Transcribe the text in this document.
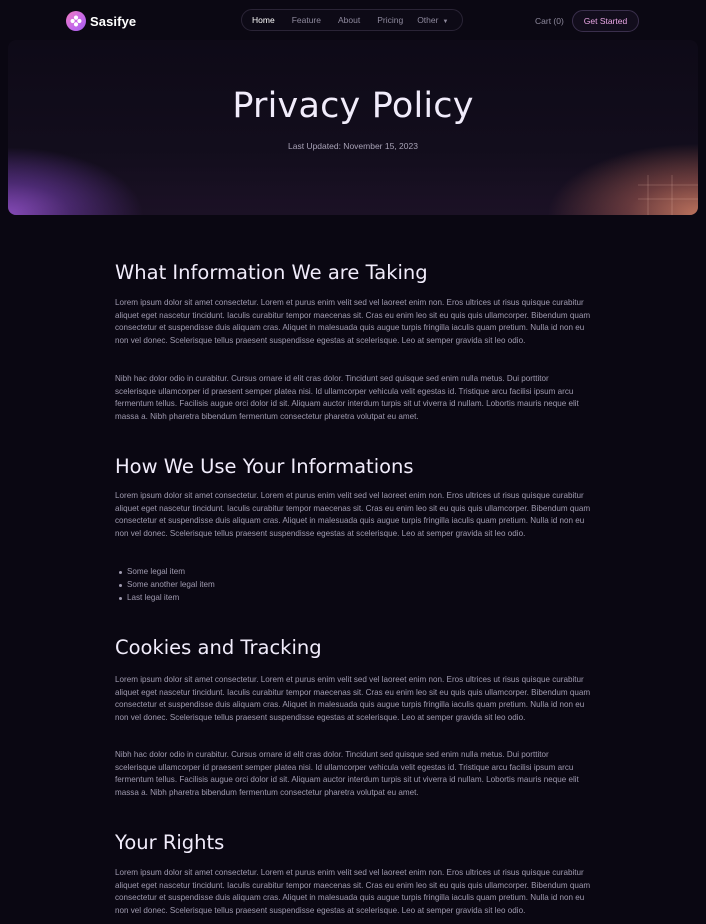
Sasifye	Home Feature About Pricing Other ▼	Cart (0)	Get Started
Privacy Policy
Last Updated: November 15, 2023
What Information We are Taking

Lorem ipsum dolor sit amet consectetur. Lorem et purus enim velit sed vel laoreet enim non. Eros ultrices ut risus quisque curabitur aliquet eget nascetur tincidunt. Iaculis curabitur tempor maecenas sit. Cras eu enim leo sit eu quis quis ullamcorper. Bibendum quam consectetur et suspendisse duis aliquam cras. Aliquet in malesuada quis augue turpis fringilla iaculis quam pretium. Nulla id non eu non vel donec. Scelerisque tellus praesent suspendisse egestas at scelerisque. Leo at semper gravida sit leo odio.

Nibh hac dolor odio in curabitur. Cursus ornare id elit cras dolor. Tincidunt sed quisque sed enim nulla metus. Dui porttitor scelerisque ullamcorper id praesent semper platea nisi. Id ullamcorper vehicula velit egestas id. Tristique arcu facilisi ipsum arcu fermentum tellus. Facilisis augue orci dolor id sit. Aliquam auctor interdum turpis sit ut viverra id nullam. Lobortis mauris neque elit massa a. Nibh pharetra bibendum fermentum consectetur pharetra volutpat eu amet.

How We Use Your Informations

Lorem ipsum dolor sit amet consectetur. Lorem et purus enim velit sed vel laoreet enim non. Eros ultrices ut risus quisque curabitur aliquet eget nascetur tincidunt. Iaculis curabitur tempor maecenas sit. Cras eu enim leo sit eu quis quis ullamcorper. Bibendum quam consectetur et suspendisse duis aliquam cras. Aliquet in malesuada quis augue turpis fringilla iaculis quam pretium. Nulla id non eu non vel donec. Scelerisque tellus praesent suspendisse egestas at scelerisque. Leo at semper gravida sit leo odio.

Some legal item
Some another legal item
Last legal item
Cookies and Tracking

Lorem ipsum dolor sit amet consectetur. Lorem et purus enim velit sed vel laoreet enim non. Eros ultrices ut risus quisque curabitur aliquet eget nascetur tincidunt. Iaculis curabitur tempor maecenas sit. Cras eu enim leo sit eu quis quis ullamcorper. Bibendum quam consectetur et suspendisse duis aliquam cras. Aliquet in malesuada quis augue turpis fringilla iaculis quam pretium. Nulla id non eu non vel donec. Scelerisque tellus praesent suspendisse egestas at scelerisque. Leo at semper gravida sit leo odio.

Nibh hac dolor odio in curabitur. Cursus ornare id elit cras dolor. Tincidunt sed quisque sed enim nulla metus. Dui porttitor scelerisque ullamcorper id praesent semper platea nisi. Id ullamcorper vehicula velit egestas id. Tristique arcu facilisi ipsum arcu fermentum tellus. Facilisis augue orci dolor id sit. Aliquam auctor interdum turpis sit ut viverra id nullam. Lobortis mauris neque elit massa a. Nibh pharetra bibendum fermentum consectetur pharetra volutpat eu amet.

Your Rights

Lorem ipsum dolor sit amet consectetur. Lorem et purus enim velit sed vel laoreet enim non. Eros ultrices ut risus quisque curabitur aliquet eget nascetur tincidunt. Iaculis curabitur tempor maecenas sit. Cras eu enim leo sit eu quis quis ullamcorper. Bibendum quam consectetur et suspendisse duis aliquam cras. Aliquet in malesuada quis augue turpis fringilla iaculis quam pretium. Nulla id non eu non vel donec. Scelerisque tellus praesent suspendisse egestas at scelerisque. Leo at semper gravida sit leo odio.
